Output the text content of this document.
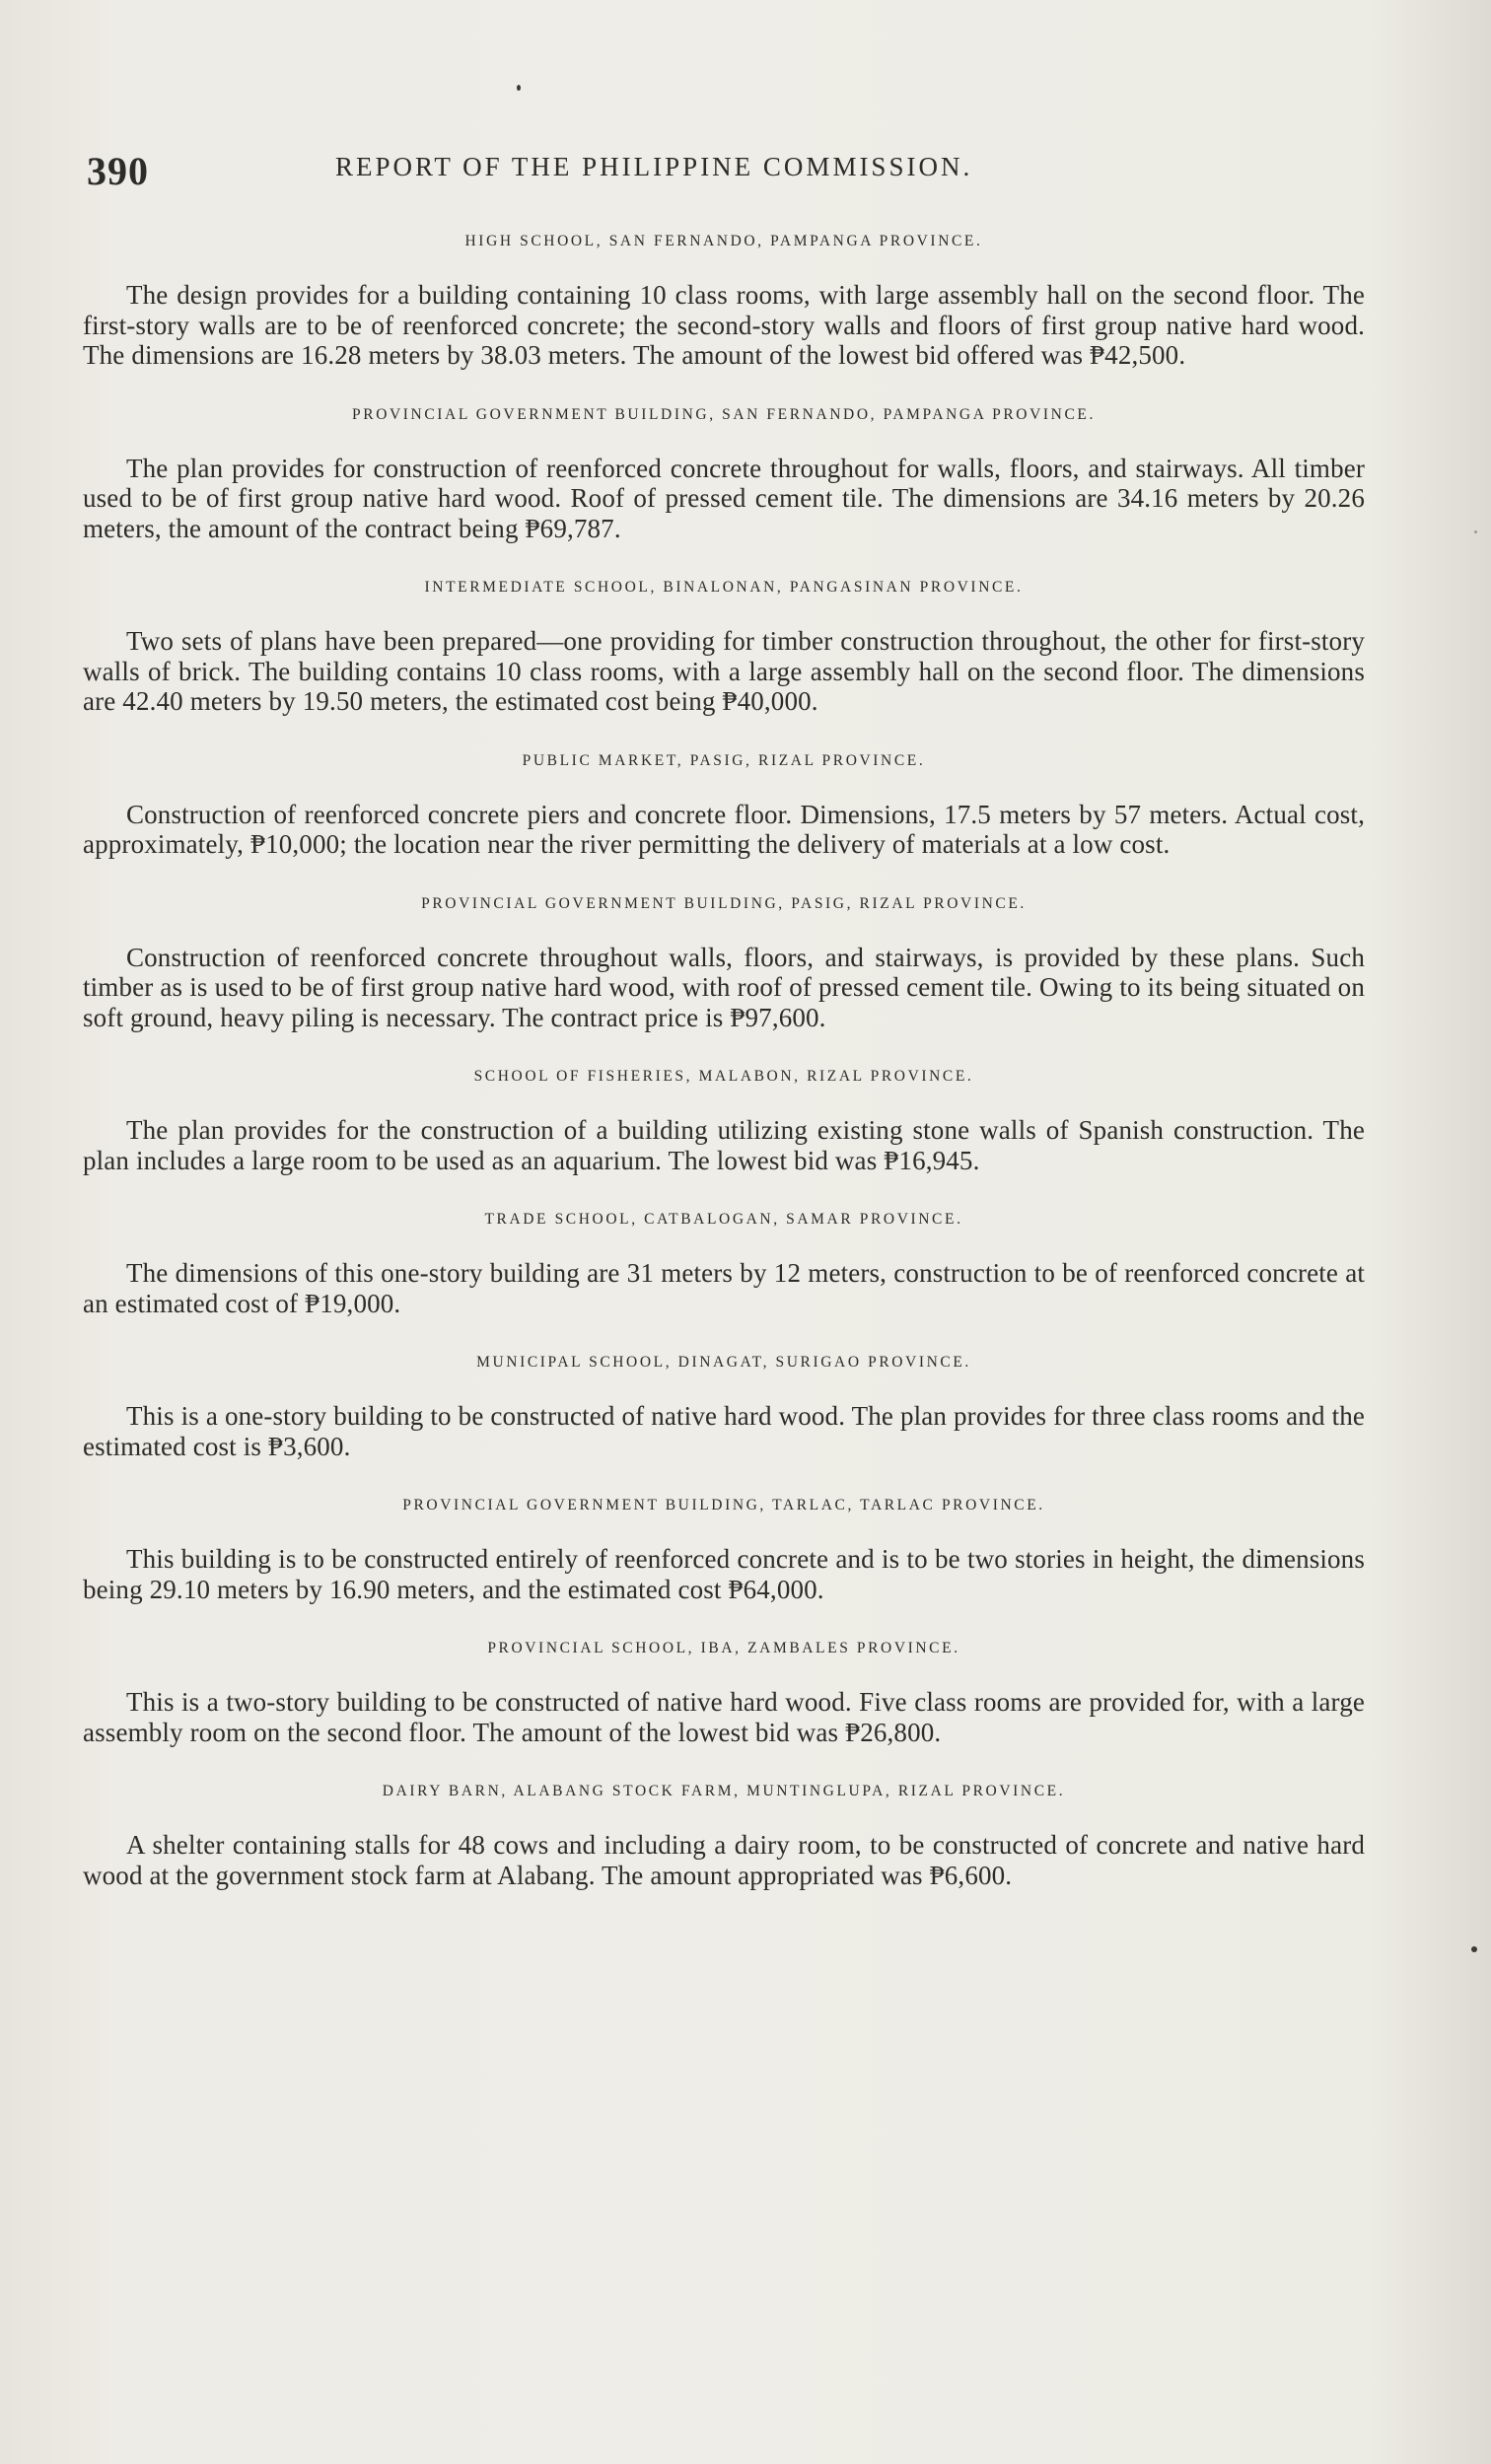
390	REPORT OF THE PHILIPPINE COMMISSION.
HIGH SCHOOL, SAN FERNANDO, PAMPANGA PROVINCE.

The design provides for a building containing 10 class rooms, with large assembly hall on the second floor. The first-story walls are to be of reenforced concrete; the second-story walls and floors of first group native hard wood. The dimensions are 16.28 meters by 38.03 meters. The amount of the lowest bid offered was ₱42,500.

PROVINCIAL GOVERNMENT BUILDING, SAN FERNANDO, PAMPANGA PROVINCE.

The plan provides for construction of reenforced concrete throughout for walls, floors, and stairways. All timber used to be of first group native hard wood. Roof of pressed cement tile. The dimensions are 34.16 meters by 20.26 meters, the amount of the contract being ₱69,787.

INTERMEDIATE SCHOOL, BINALONAN, PANGASINAN PROVINCE.

Two sets of plans have been prepared—one providing for timber construction throughout, the other for first-story walls of brick. The building contains 10 class rooms, with a large assembly hall on the second floor. The dimensions are 42.40 meters by 19.50 meters, the estimated cost being ₱40,000.

PUBLIC MARKET, PASIG, RIZAL PROVINCE.

Construction of reenforced concrete piers and concrete floor. Dimensions, 17.5 meters by 57 meters. Actual cost, approximately, ₱10,000; the location near the river permitting the delivery of materials at a low cost.

PROVINCIAL GOVERNMENT BUILDING, PASIG, RIZAL PROVINCE.

Construction of reenforced concrete throughout walls, floors, and stairways, is provided by these plans. Such timber as is used to be of first group native hard wood, with roof of pressed cement tile. Owing to its being situated on soft ground, heavy piling is necessary. The contract price is ₱97,600.

SCHOOL OF FISHERIES, MALABON, RIZAL PROVINCE.

The plan provides for the construction of a building utilizing existing stone walls of Spanish construction. The plan includes a large room to be used as an aquarium. The lowest bid was ₱16,945.

TRADE SCHOOL, CATBALOGAN, SAMAR PROVINCE.

The dimensions of this one-story building are 31 meters by 12 meters, construction to be of reenforced concrete at an estimated cost of ₱19,000.

MUNICIPAL SCHOOL, DINAGAT, SURIGAO PROVINCE.

This is a one-story building to be constructed of native hard wood. The plan provides for three class rooms and the estimated cost is ₱3,600.

PROVINCIAL GOVERNMENT BUILDING, TARLAC, TARLAC PROVINCE.

This building is to be constructed entirely of reenforced concrete and is to be two stories in height, the dimensions being 29.10 meters by 16.90 meters, and the estimated cost ₱64,000.

PROVINCIAL SCHOOL, IBA, ZAMBALES PROVINCE.

This is a two-story building to be constructed of native hard wood. Five class rooms are provided for, with a large assembly room on the second floor. The amount of the lowest bid was ₱26,800.

DAIRY BARN, ALABANG STOCK FARM, MUNTINGLUPA, RIZAL PROVINCE.

A shelter containing stalls for 48 cows and including a dairy room, to be constructed of concrete and native hard wood at the government stock farm at Alabang. The amount appropriated was ₱6,600.
